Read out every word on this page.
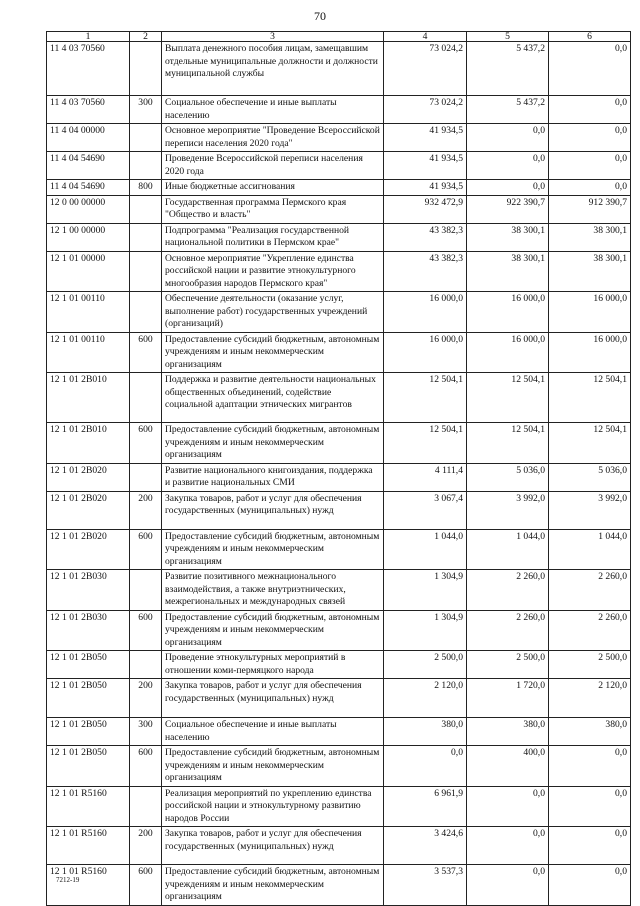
70
1	2	3	4	5	6
11 4 03 70560		Выплата денежного пособия лицам, замещавшим отдельные муниципальные должности и должности муниципальной службы	73 024,2	5 437,2	0,0
11 4 03 70560	300	Социальное обеспечение и иные выплаты населению	73 024,2	5 437,2	0,0
11 4 04 00000		Основное мероприятие "Проведение Всероссийской переписи населения 2020 года"	41 934,5	0,0	0,0
11 4 04 54690		Проведение Всероссийской переписи населения 2020 года	41 934,5	0,0	0,0
11 4 04 54690	800	Иные бюджетные ассигнования	41 934,5	0,0	0,0
12 0 00 00000		Государственная программа Пермского края "Общество и власть"	932 472,9	922 390,7	912 390,7
12 1 00 00000		Подпрограмма "Реализация государственной национальной политики в Пермском крае"	43 382,3	38 300,1	38 300,1
12 1 01 00000		Основное мероприятие "Укрепление единства российской нации и развитие этнокультурного многообразия народов Пермского края"	43 382,3	38 300,1	38 300,1
12 1 01 00110		Обеспечение деятельности (оказание услуг, выполнение работ) государственных учреждений (организаций)	16 000,0	16 000,0	16 000,0
12 1 01 00110	600	Предоставление субсидий бюджетным, автономным учреждениям и иным некоммерческим организациям	16 000,0	16 000,0	16 000,0
12 1 01 2В010		Поддержка и развитие деятельности национальных общественных объединений, содействие социальной адаптации этнических мигрантов	12 504,1	12 504,1	12 504,1
12 1 01 2В010	600	Предоставление субсидий бюджетным, автономным учреждениям и иным некоммерческим организациям	12 504,1	12 504,1	12 504,1
12 1 01 2В020		Развитие национального книгоиздания, поддержка и развитие национальных СМИ	4 111,4	5 036,0	5 036,0
12 1 01 2В020	200	Закупка товаров, работ и услуг для обеспечения государственных (муниципальных) нужд	3 067,4	3 992,0	3 992,0
12 1 01 2В020	600	Предоставление субсидий бюджетным, автономным учреждениям и иным некоммерческим организациям	1 044,0	1 044,0	1 044,0
12 1 01 2В030		Развитие позитивного межнационального взаимодействия, а также внутриэтнических, межрегиональных и международных связей	1 304,9	2 260,0	2 260,0
12 1 01 2В030	600	Предоставление субсидий бюджетным, автономным учреждениям и иным некоммерческим организациям	1 304,9	2 260,0	2 260,0
12 1 01 2В050		Проведение этнокультурных мероприятий в отношении коми-пермяцкого народа	2 500,0	2 500,0	2 500,0
12 1 01 2В050	200	Закупка товаров, работ и услуг для обеспечения государственных (муниципальных) нужд	2 120,0	1 720,0	2 120,0
12 1 01 2В050	300	Социальное обеспечение и иные выплаты населению	380,0	380,0	380,0
12 1 01 2В050	600	Предоставление субсидий бюджетным, автономным учреждениям и иным некоммерческим организациям	0,0	400,0	0,0
12 1 01 R5160		Реализация мероприятий по укреплению единства российской нации и этнокультурному развитию народов России	6 961,9	0,0	0,0
12 1 01 R5160	200	Закупка товаров, работ и услуг для обеспечения государственных (муниципальных) нужд	3 424,6	0,0	0,0
12 1 01 R5160	600	Предоставление субсидий бюджетным, автономным учреждениям и иным некоммерческим организациям	3 537,3	0,0	0,0
7212-19
